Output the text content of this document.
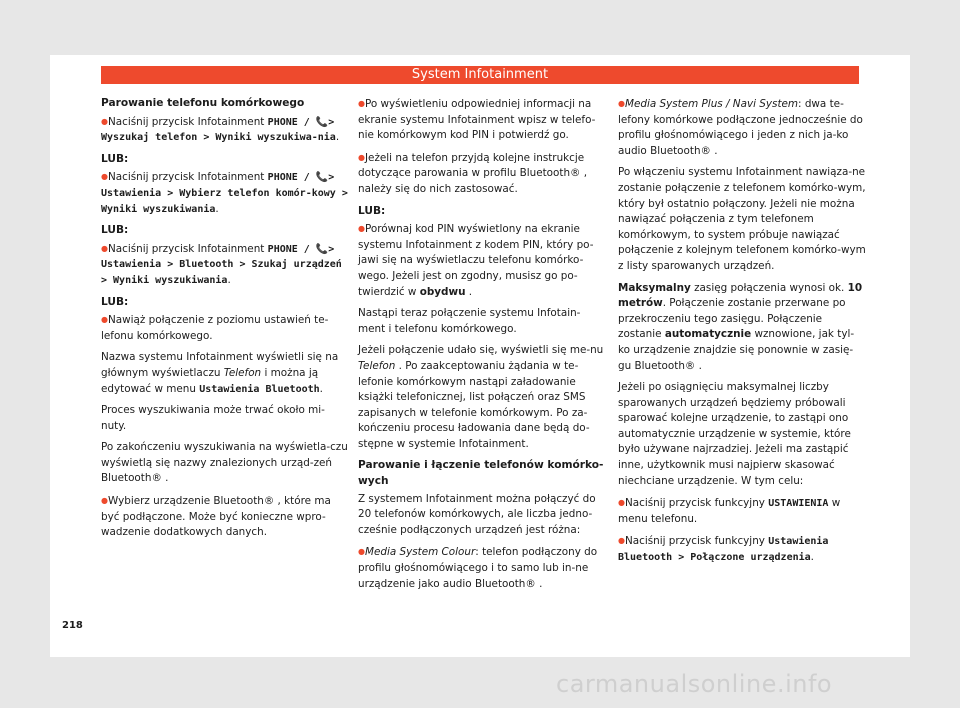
System Infotainment
Parowanie telefonu komórkowego

● Naciśnij przycisk Infotainment PHONE / 📞> Wyszukaj telefon > Wyniki wyszukiwa-nia.

LUB:

● Naciśnij przycisk Infotainment PHONE / 📞> Ustawienia > Wybierz telefon komór-kowy > Wyniki wyszukiwania.

LUB:

● Naciśnij przycisk Infotainment PHONE / 📞> Ustawienia > Bluetooth > Szukaj urządzeń > Wyniki wyszukiwania.

LUB:

● Nawiąż połączenie z poziomu ustawień te-lefonu komórkowego.

Nazwa systemu Infotainment wyświetli się na głównym wyświetlaczu Telefon i można ją edytować w menu Ustawienia Bluetooth.

Proces wyszukiwania może trwać około mi-nuty.

Po zakończeniu wyszukiwania na wyświetla-czu wyświetlą się nazwy znalezionych urząd-zeń Bluetooth® .

● Wybierz urządzenie Bluetooth® , które ma być podłączone. Może być konieczne wpro-wadzenie dodatkowych danych.

● Po wyświetleniu odpowiedniej informacji na ekranie systemu Infotainment wpisz w telefo-nie komórkowym kod PIN i potwierdź go.

● Jeżeli na telefon przyjdą kolejne instrukcje dotyczące parowania w profilu Bluetooth® , należy się do nich zastosować.

LUB:

● Porównaj kod PIN wyświetlony na ekranie systemu Infotainment z kodem PIN, który po-jawi się na wyświetlaczu telefonu komórko-wego. Jeżeli jest on zgodny, musisz go po-twierdzić w obydwu .

Nastąpi teraz połączenie systemu Infotain-ment i telefonu komórkowego.

Jeżeli połączenie udało się, wyświetli się me-nu Telefon . Po zaakceptowaniu żądania w te-lefonie komórkowym nastąpi załadowanie książki telefonicznej, list połączeń oraz SMS zapisanych w telefonie komórkowym. Po za-kończeniu procesu ładowania dane będą do-stępne w systemie Infotainment.

Parowanie i łączenie telefonów komórko-wych

Z systemem Infotainment można połączyć do 20 telefonów komórkowych, ale liczba jedno-cześnie podłączonych urządzeń jest różna:

● Media System Colour: telefon podłączony do profilu głośnomówiącego i to samo lub in-ne urządzenie jako audio Bluetooth® .

● Media System Plus / Navi System: dwa te-lefony komórkowe podłączone jednocześnie do profilu głośnomówiącego i jeden z nich ja-ko audio Bluetooth® .

Po włączeniu systemu Infotainment nawiąza-ne zostanie połączenie z telefonem komórko-wym, który był ostatnio połączony. Jeżeli nie można nawiązać połączenia z tym telefonem komórkowym, to system próbuje nawiązać połączenie z kolejnym telefonem komórko-wym z listy sparowanych urządzeń.

Maksymalny zasięg połączenia wynosi ok. 10 metrów. Połączenie zostanie przerwane po przekroczeniu tego zasięgu. Połączenie zostanie automatycznie wznowione, jak tyl-ko urządzenie znajdzie się ponownie w zasię-gu Bluetooth® .

Jeżeli po osiągnięciu maksymalnej liczby sparowanych urządzeń będziemy próbowali sparować kolejne urządzenie, to zastąpi ono automatycznie urządzenie w systemie, które było używane najrzadziej. Jeżeli ma zastąpić inne, użytkownik musi najpierw skasować niechciane urządzenie. W tym celu:

● Naciśnij przycisk funkcyjny USTAWIENIA w menu telefonu.

● Naciśnij przycisk funkcyjny Ustawienia Bluetooth > Połączone urządzenia.

218
carmanualsonline.info
